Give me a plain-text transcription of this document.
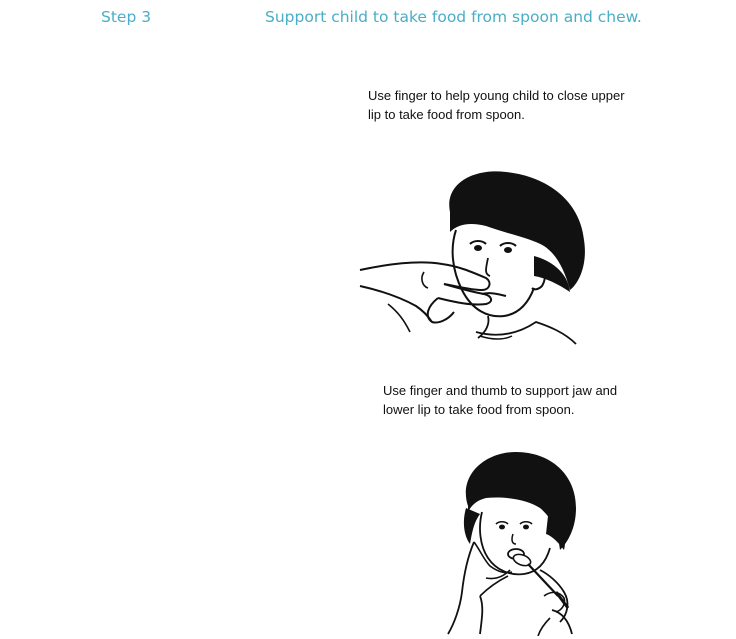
Step 3	Support child to take food from spoon and chew.

Use finger to help young child to close upper lip to take food from spoon.

Use finger and thumb to support jaw and lower lip to take food from spoon.
